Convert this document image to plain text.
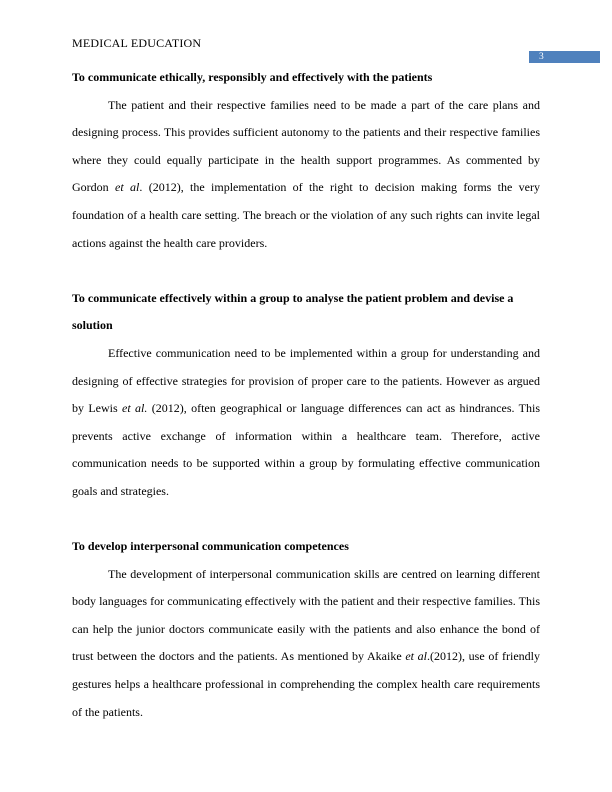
MEDICAL EDUCATION
3

To communicate ethically, responsibly and effectively with the patients

The patient and their respective families need to be made a part of the care plans and designing process. This provides sufficient autonomy to the patients and their respective families where they could equally participate in the health support programmes. As commented by Gordon et al. (2012), the implementation of the right to decision making forms the very foundation of a health care setting. The breach or the violation of any such rights can invite legal actions against the health care providers.

To communicate effectively within a group to analyse the patient problem and devise a solution

Effective communication need to be implemented within a group for understanding and designing of effective strategies for provision of proper care to the patients. However as argued by Lewis et al. (2012), often geographical or language differences can act as hindrances. This prevents active exchange of information within a healthcare team. Therefore, active communication needs to be supported within a group by formulating effective communication goals and strategies.

To develop interpersonal communication competences

The development of interpersonal communication skills are centred on learning different body languages for communicating effectively with the patient and their respective families. This can help the junior doctors communicate easily with the patients and also enhance the bond of trust between the doctors and the patients. As mentioned by Akaike et al.(2012), use of friendly gestures helps a healthcare professional in comprehending the complex health care requirements of the patients.
